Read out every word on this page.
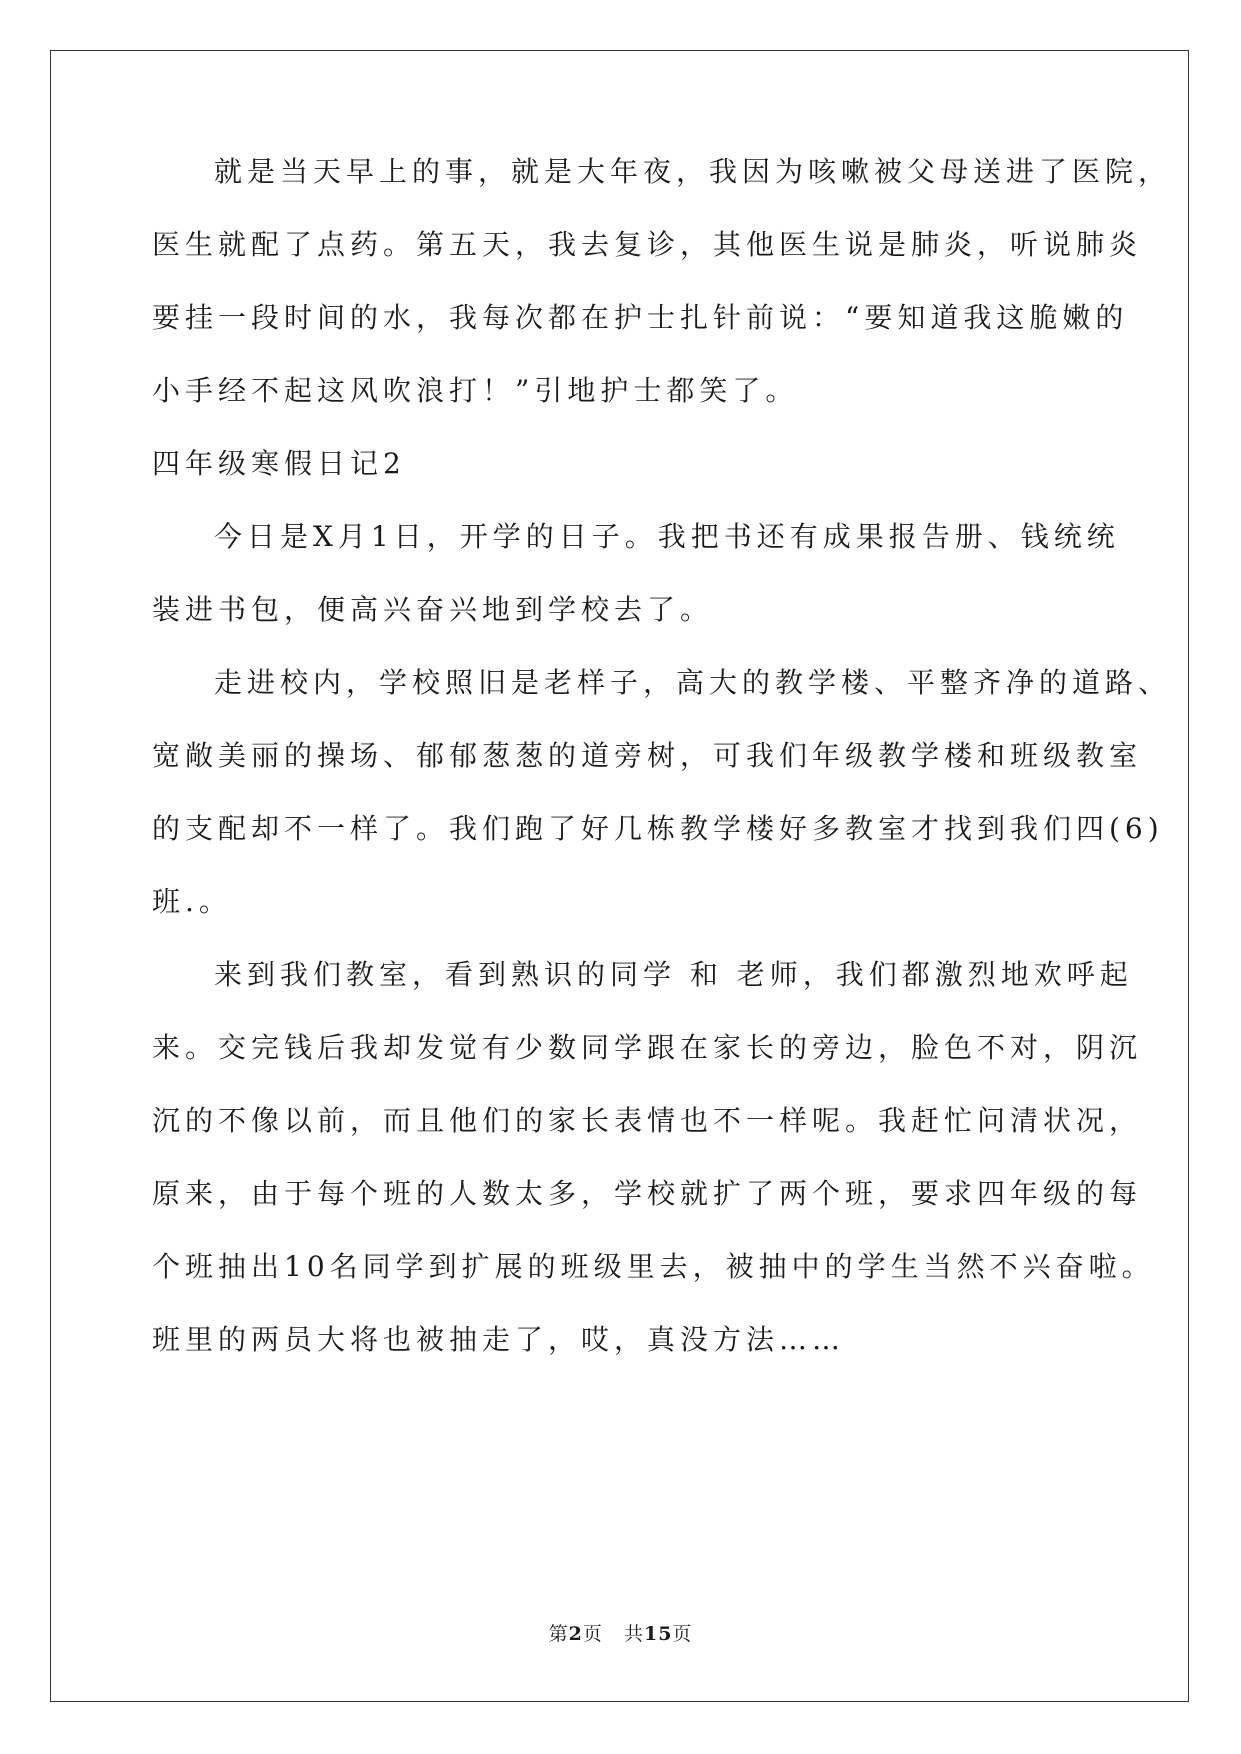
就是当天早上的事，就是大年夜，我因为咳嗽被父母送进了医院，
医生就配了点药。第五天，我去复诊，其他医生说是肺炎，听说肺炎
要挂一段时间的水，我每次都在护士扎针前说：“要知道我这脆嫩的
小手经不起这风吹浪打！”引地护士都笑了。
四年级寒假日记2
今日是X月1日，开学的日子。我把书还有成果报告册、钱统统
装进书包，便高兴奋兴地到学校去了。
走进校内，学校照旧是老样子，高大的教学楼、平整齐净的道路、
宽敞美丽的操场、郁郁葱葱的道旁树，可我们年级教学楼和班级教室
的支配却不一样了。我们跑了好几栋教学楼好多教室才找到我们四(6)
班.。
来到我们教室，看到熟识的同学 和 老师，我们都激烈地欢呼起
来。交完钱后我却发觉有少数同学跟在家长的旁边，脸色不对，阴沉
沉的不像以前，而且他们的家长表情也不一样呢。我赶忙问清状况，
原来，由于每个班的人数太多，学校就扩了两个班，要求四年级的每
个班抽出10名同学到扩展的班级里去，被抽中的学生当然不兴奋啦。
班里的两员大将也被抽走了，哎，真没方法……
第2页 共15页
